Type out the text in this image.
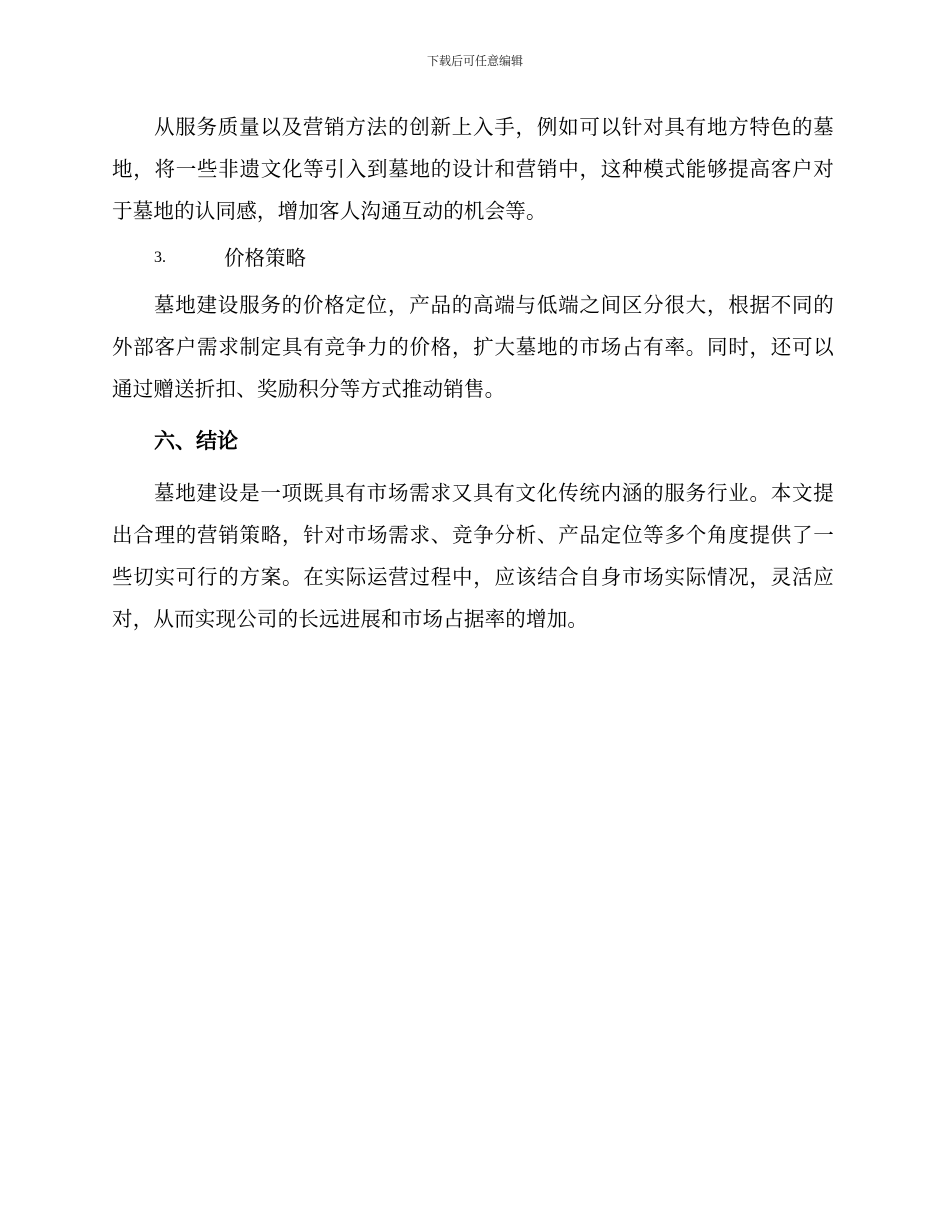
下载后可任意编辑

从服务质量以及营销方法的创新上入手，例如可以针对具有地方特色的墓地，将一些非遗文化等引入到墓地的设计和营销中，这种模式能够提高客户对于墓地的认同感，增加客人沟通互动的机会等。

3.	价格策略

墓地建设服务的价格定位，产品的高端与低端之间区分很大，根据不同的外部客户需求制定具有竞争力的价格，扩大墓地的市场占有率。同时，还可以通过赠送折扣、奖励积分等方式推动销售。

六、结论

墓地建设是一项既具有市场需求又具有文化传统内涵的服务行业。本文提出合理的营销策略，针对市场需求、竞争分析、产品定位等多个角度提供了一些切实可行的方案。在实际运营过程中，应该结合自身市场实际情况，灵活应对，从而实现公司的长远进展和市场占据率的增加。
